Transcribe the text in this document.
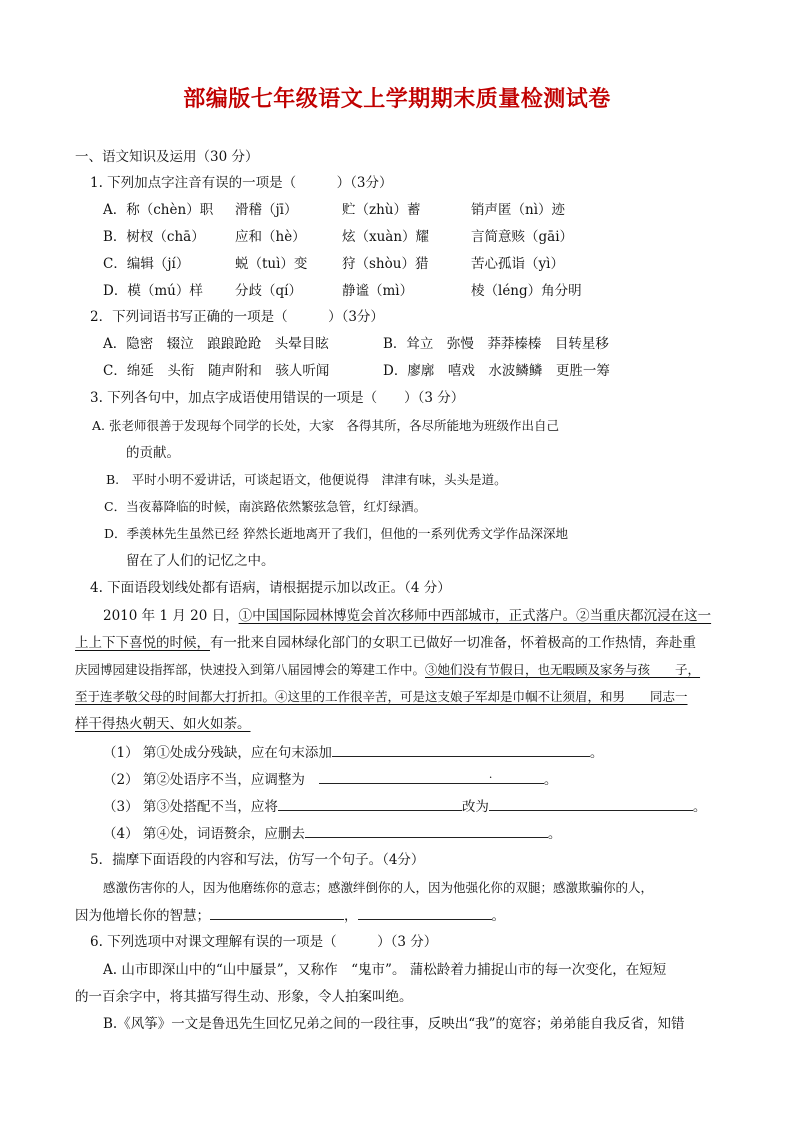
部编版七年级语文上学期期末质量检测试卷
一、语文知识及运用（30 分）
1. 下列加点字注音有误的一项是（　　　）（3分）
A．称（chèn）职 滑稽（jī）	贮（zhù）蓄	销声匿（nì）迹
B．树杈（chā） 应和（hè）	炫（xuàn）耀	言简意赅（gāi）
C．编辑（jí）	蜕（tuì）变	狩（shòu）猎	苦心孤诣（yì）
D．模（mú）样 分歧（qí）	静谧（mì）	棱（léng）角分明
2．下列词语书写正确的一项是（　　　）（3分）
A．隐密　辍泣　踉踉跄跄　头晕目眩	B．耸立　弥慢　莽莽榛榛　目转星移
C．绵延　头衔　随声附和　骇人听闻	D．廖廓　嘻戏　水波鳞鳞　更胜一筹
3. 下列各句中，加点字成语使用错误的一项是（　　）（3 分）
A. 张老师很善于发现每个同学的长处，大家　各得其所，各尽所能地为班级作出自己
的贡献。
B.　平时小明不爱讲话，可谈起语文，他便说得　津津有味，头头是道。
C．当夜幕降临的时候，南滨路依然繁弦急管，红灯绿酒。
D．季羡林先生虽然已经 猝然长逝地离开了我们，但他的一系列优秀文学作品深深地
留在了人们的记忆之中。
4. 下面语段划线处都有语病，请根据提示加以改正。（4 分）
2010 年 1 月 20 日，①中国国际园林博览会首次移师中西部城市，正式落户。②当重庆都沉浸在这一
上上下下喜悦的时候，有一批来自园林绿化部门的女职工已做好一切准备，怀着极高的工作热情，奔赴重
庆园博园建设指挥部，快速投入到第八届园博会的筹建工作中。③她们没有节假日，也无暇顾及家务与孩　　子，
至于连孝敬父母的时间都大打折扣。④这里的工作很辛苦，可是这支娘子军却是巾帼不让须眉，和男　　同志一
样干得热火朝天、如火如荼。
（1） 第①处成分残缺，应在句末添加	。
（2） 第②处语序不当，应调整为	.	。
（3） 第③处搭配不当，应将	改为	。
（4） 第④处，词语赘余，应删去	。
5．揣摩下面语段的内容和写法，仿写一个句子。（4分）
感激伤害你的人，因为他磨练你的意志；感激绊倒你的人，因为他强化你的双腿；感激欺骗你的人，
因为他增长你的智慧；	，	。
6. 下列选项中对课文理解有误的一项是（　　　）（3 分）
A. 山市即深山中的“山中蜃景”，又称作　“鬼市”。 蒲松龄着力捕捉山市的每一次变化，在短短
的一百余字中，将其描写得生动、形象，令人拍案叫绝。
B.《风筝》一文是鲁迅先生回忆兄弟之间的一段往事，反映出“我”的宽容；弟弟能自我反省，知错
